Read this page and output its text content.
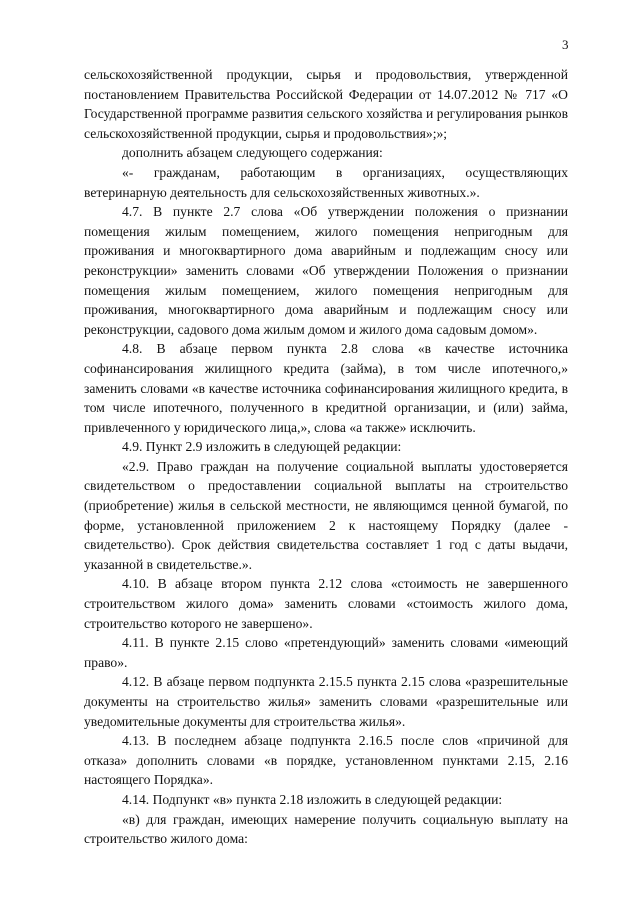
3

сельскохозяйственной продукции, сырья и продовольствия, утвержденной постановлением Правительства Российской Федерации от 14.07.2012 № 717 «О Государственной программе развития сельского хозяйства и регулирования рынков сельскохозяйственной продукции, сырья и продовольствия»;»;

дополнить абзацем следующего содержания:

«- гражданам, работающим в организациях, осуществляющих ветеринарную деятельность для сельскохозяйственных животных.».

4.7. В пункте 2.7 слова «Об утверждении положения о признании помещения жилым помещением, жилого помещения непригодным для проживания и многоквартирного дома аварийным и подлежащим сносу или реконструкции» заменить словами «Об утверждении Положения о признании помещения жилым помещением, жилого помещения непригодным для проживания, многоквартирного дома аварийным и подлежащим сносу или реконструкции, садового дома жилым домом и жилого дома садовым домом».

4.8. В абзаце первом пункта 2.8 слова «в качестве источника софинансирования жилищного кредита (займа), в том числе ипотечного,» заменить словами «в качестве источника софинансирования жилищного кредита, в том числе ипотечного, полученного в кредитной организации, и (или) займа, привлеченного у юридического лица,», слова «а также» исключить.

4.9. Пункт 2.9 изложить в следующей редакции:

«2.9. Право граждан на получение социальной выплаты удостоверяется свидетельством о предоставлении социальной выплаты на строительство (приобретение) жилья в сельской местности, не являющимся ценной бумагой, по форме, установленной приложением 2 к настоящему Порядку (далее - свидетельство). Срок действия свидетельства составляет 1 год с даты выдачи, указанной в свидетельстве.».

4.10. В абзаце втором пункта 2.12 слова «стоимость не завершенного строительством жилого дома» заменить словами «стоимость жилого дома, строительство которого не завершено».

4.11. В пункте 2.15 слово «претендующий» заменить словами «имеющий право».

4.12. В абзаце первом подпункта 2.15.5 пункта 2.15 слова «разрешительные документы на строительство жилья» заменить словами «разрешительные или уведомительные документы для строительства жилья».

4.13. В последнем абзаце подпункта 2.16.5 после слов «причиной для отказа» дополнить словами «в порядке, установленном пунктами 2.15, 2.16 настоящего Порядка».

4.14. Подпункт «в» пункта 2.18 изложить в следующей редакции:

«в) для граждан, имеющих намерение получить социальную выплату на строительство жилого дома:
